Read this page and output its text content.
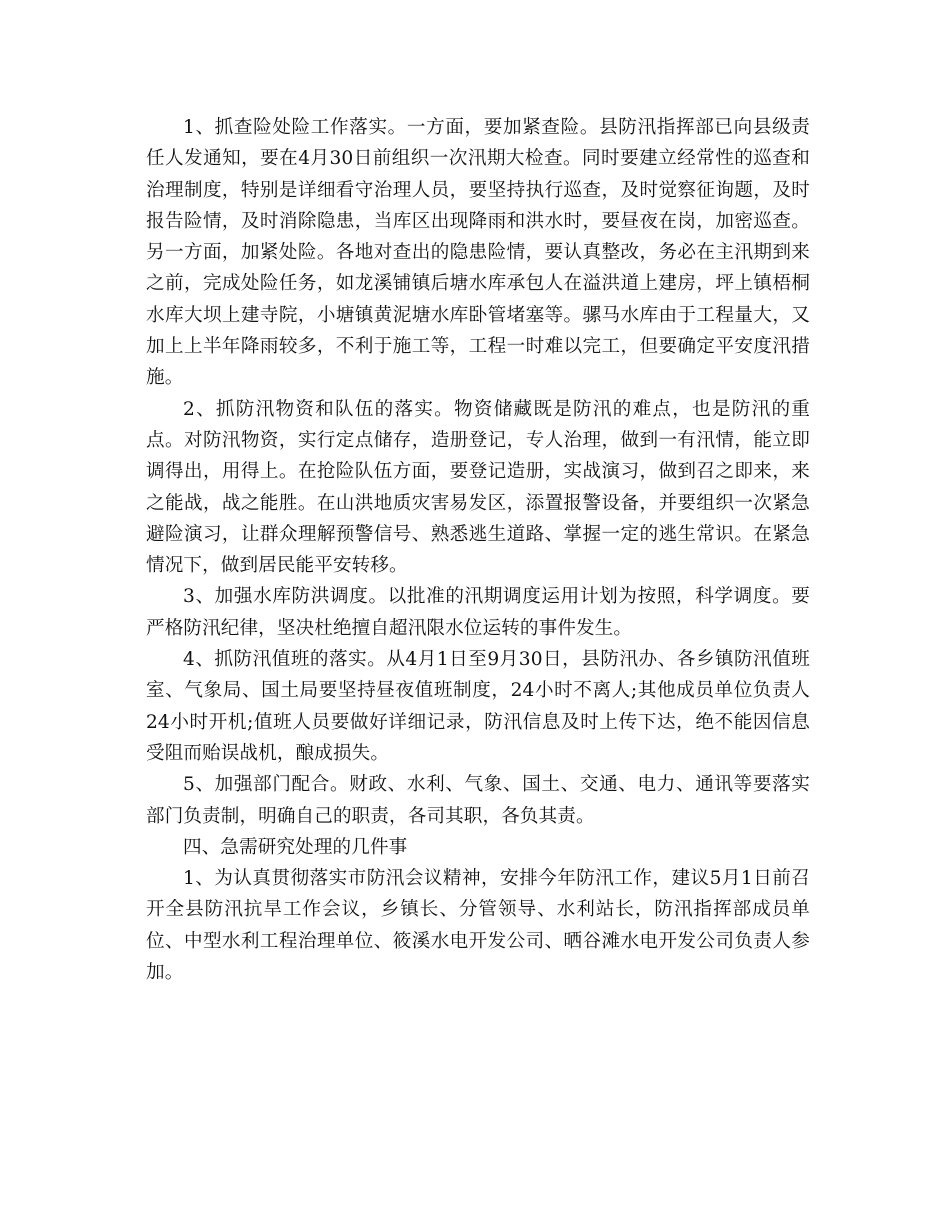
1、抓查险处险工作落实。一方面，要加紧查险。县防汛指挥部已向县级责任人发通知，要在4月30日前组织一次汛期大检查。同时要建立经常性的巡查和治理制度，特别是详细看守治理人员，要坚持执行巡查，及时觉察征询题，及时报告险情，及时消除隐患，当库区出现降雨和洪水时，要昼夜在岗，加密巡查。另一方面，加紧处险。各地对查出的隐患险情，要认真整改，务必在主汛期到来之前，完成处险任务，如龙溪铺镇后塘水库承包人在溢洪道上建房，坪上镇梧桐水库大坝上建寺院，小塘镇黄泥塘水库卧管堵塞等。骡马水库由于工程量大，又加上上半年降雨较多，不利于施工等，工程一时难以完工，但要确定平安度汛措施。

2、抓防汛物资和队伍的落实。物资储藏既是防汛的难点，也是防汛的重点。对防汛物资，实行定点储存，造册登记，专人治理，做到一有汛情，能立即调得出，用得上。在抢险队伍方面，要登记造册，实战演习，做到召之即来，来之能战，战之能胜。在山洪地质灾害易发区，添置报警设备，并要组织一次紧急避险演习，让群众理解预警信号、熟悉逃生道路、掌握一定的逃生常识。在紧急情况下，做到居民能平安转移。

3、加强水库防洪调度。以批准的汛期调度运用计划为按照，科学调度。要严格防汛纪律，坚决杜绝擅自超汛限水位运转的事件发生。

4、抓防汛值班的落实。从4月1日至9月30日，县防汛办、各乡镇防汛值班室、气象局、国土局要坚持昼夜值班制度，24小时不离人;其他成员单位负责人24小时开机;值班人员要做好详细记录，防汛信息及时上传下达，绝不能因信息受阻而贻误战机，酿成损失。

5、加强部门配合。财政、水利、气象、国土、交通、电力、通讯等要落实部门负责制，明确自己的职责，各司其职，各负其责。

四、急需研究处理的几件事

1、为认真贯彻落实市防汛会议精神，安排今年防汛工作，建议5月1日前召开全县防汛抗旱工作会议，乡镇长、分管领导、水利站长，防汛指挥部成员单位、中型水利工程治理单位、筱溪水电开发公司、晒谷滩水电开发公司负责人参加。
